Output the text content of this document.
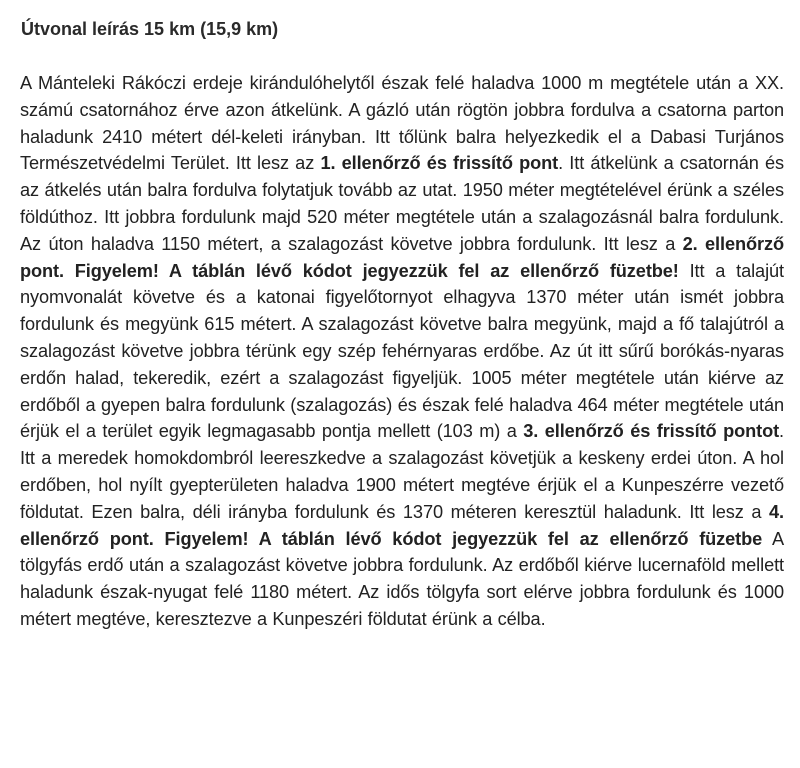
Útvonal leírás 15 km (15,9 km)

A Mánteleki Rákóczi erdeje kirándulóhelytől észak felé haladva 1000 m megtétele után a XX. számú csatornához érve azon átkelünk. A gázló után rögtön jobbra fordulva a csatorna parton haladunk 2410 métert dél-keleti irányban. Itt tőlünk balra helyezkedik el a Dabasi Turjános Természetvédelmi Terület. Itt lesz az 1. ellenőrző és frissítő pont. Itt átkelünk a csatornán és az átkelés után balra fordulva folytatjuk tovább az utat. 1950 méter megtételével érünk a széles földúthoz. Itt jobbra fordulunk majd 520 méter megtétele után a szalagozásnál balra fordulunk. Az úton haladva 1150 métert, a szalagozást követve jobbra fordulunk. Itt lesz a 2. ellenőrző pont. Figyelem! A táblán lévő kódot jegyezzük fel az ellenőrző füzetbe! Itt a talajút nyomvonalát követve és a katonai figyelőtornyot elhagyva 1370 méter után ismét jobbra fordulunk és megyünk 615 métert. A szalagozást követve balra megyünk, majd a fő talajútról a szalagozást követve jobbra térünk egy szép fehérnyaras erdőbe. Az út itt sűrű borókás-nyaras erdőn halad, tekeredik, ezért a szalagozást figyeljük. 1005 méter megtétele után kiérve az erdőből a gyepen balra fordulunk (szalagozás) és észak felé haladva 464 méter megtétele után érjük el a terület egyik legmagasabb pontja mellett (103 m) a 3. ellenőrző és frissítő pontot. Itt a meredek homokdombról leereszkedve a szalagozást követjük a keskeny erdei úton. A hol erdőben, hol nyílt gyepterületen haladva 1900 métert megtéve érjük el a Kunpeszérre vezető földutat. Ezen balra, déli irányba fordulunk és 1370 méteren keresztül haladunk. Itt lesz a 4. ellenőrző pont. Figyelem! A táblán lévő kódot jegyezzük fel az ellenőrző füzetbe A tölgyfás erdő után a szalagozást követve jobbra fordulunk. Az erdőből kiérve lucernaföld mellett haladunk észak-nyugat felé 1180 métert. Az idős tölgyfa sort elérve jobbra fordulunk és 1000 métert megtéve, keresztezve a Kunpeszéri földutat érünk a célba.
